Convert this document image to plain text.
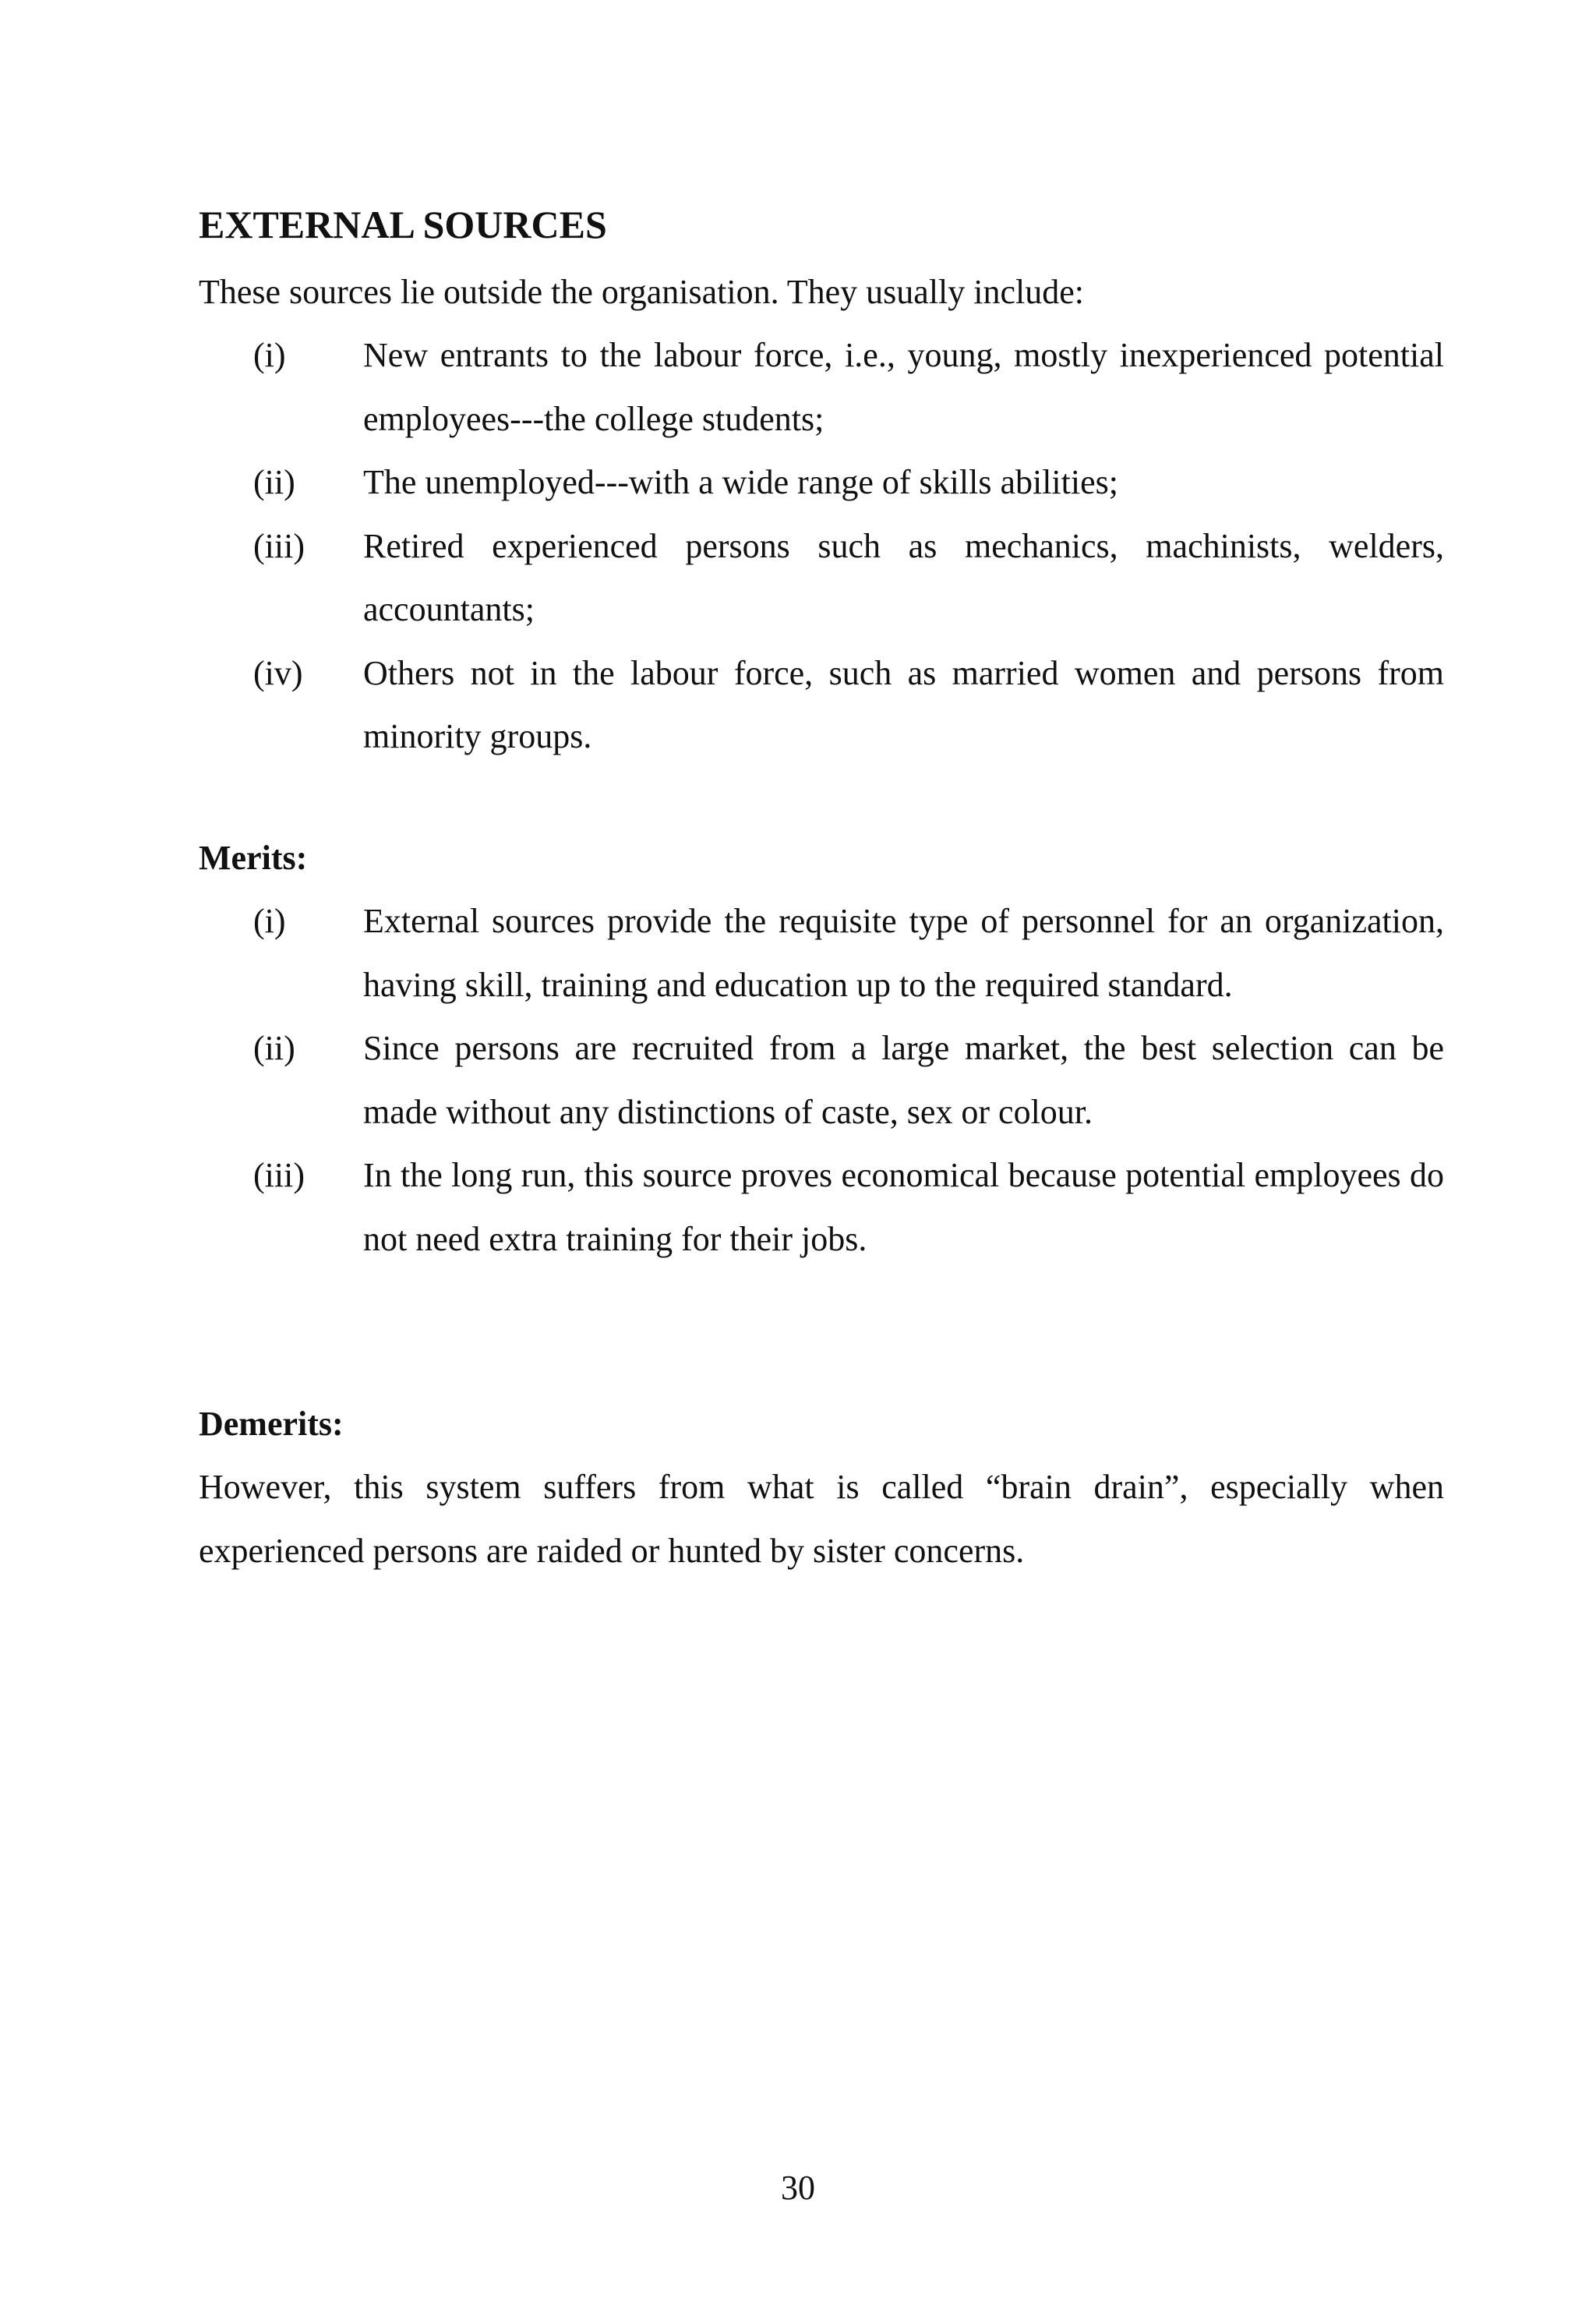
EXTERNAL SOURCES

These sources lie outside the organisation. They usually include:

(i) New entrants to the labour force, i.e., young, mostly inexperienced potential employees---the college students;
(ii) The unemployed---with a wide range of skills abilities;
(iii) Retired experienced persons such as mechanics, machinists, welders, accountants;
(iv) Others not in the labour force, such as married women and persons from minority groups.
Merits:
(i) External sources provide the requisite type of personnel for an organization, having skill, training and education up to the required standard.
(ii) Since persons are recruited from a large market, the best selection can be made without any distinctions of caste, sex or colour.
(iii) In the long run, this source proves economical because potential employees do not need extra training for their jobs.
Demerits:

However, this system suffers from what is called “brain drain”, especially when experienced persons are raided or hunted by sister concerns.

30
